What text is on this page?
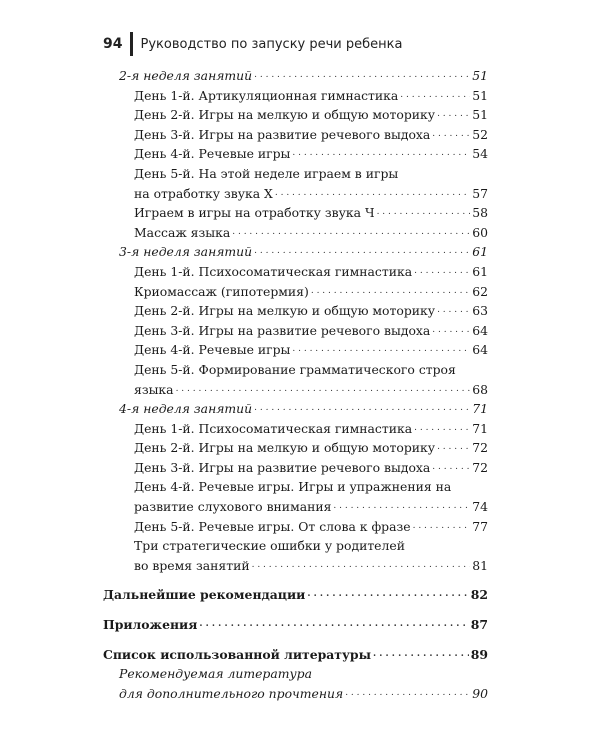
94 Руководство по запуску речи ребенка
2-я неделя занятий . . .	51
День 1-й. Артикуляционная гимнастика . . .	51
День 2-й. Игры на мелкую и общую моторику . . .	51
День 3-й. Игры на развитие речевого выдоха . . .	52
День 4-й. Речевые игры . . .	54
День 5-й. На этой неделе играем в игры
на отработку звука Х . . .	57
Играем в игры на отработку звука Ч . . .	58
Массаж языка . . .	60
3-я неделя занятий . . .	61
День 1-й. Психосоматическая гимнастика . . .	61
Криомассаж (гипотермия) . . .	62
День 2-й. Игры на мелкую и общую моторику . . .	63
День 3-й. Игры на развитие речевого выдоха . . .	64
День 4-й. Речевые игры . . .	64
День 5-й. Формирование грамматического строя
языка . . .	68
4-я неделя занятий . . .	71
День 1-й. Психосоматическая гимнастика . . .	71
День 2-й. Игры на мелкую и общую моторику . . .	72
День 3-й. Игры на развитие речевого выдоха . . .	72
День 4-й. Речевые игры. Игры и упражнения на
развитие слухового внимания . . .	74
День 5-й. Речевые игры. От слова к фразе . . .	77
Три стратегические ошибки у родителей
во время занятий . . .	81
Дальнейшие рекомендации . . .	82
Приложения . . .	87
Список использованной литературы . . .	89
Рекомендуемая литература
для дополнительного прочтения . . .	90
